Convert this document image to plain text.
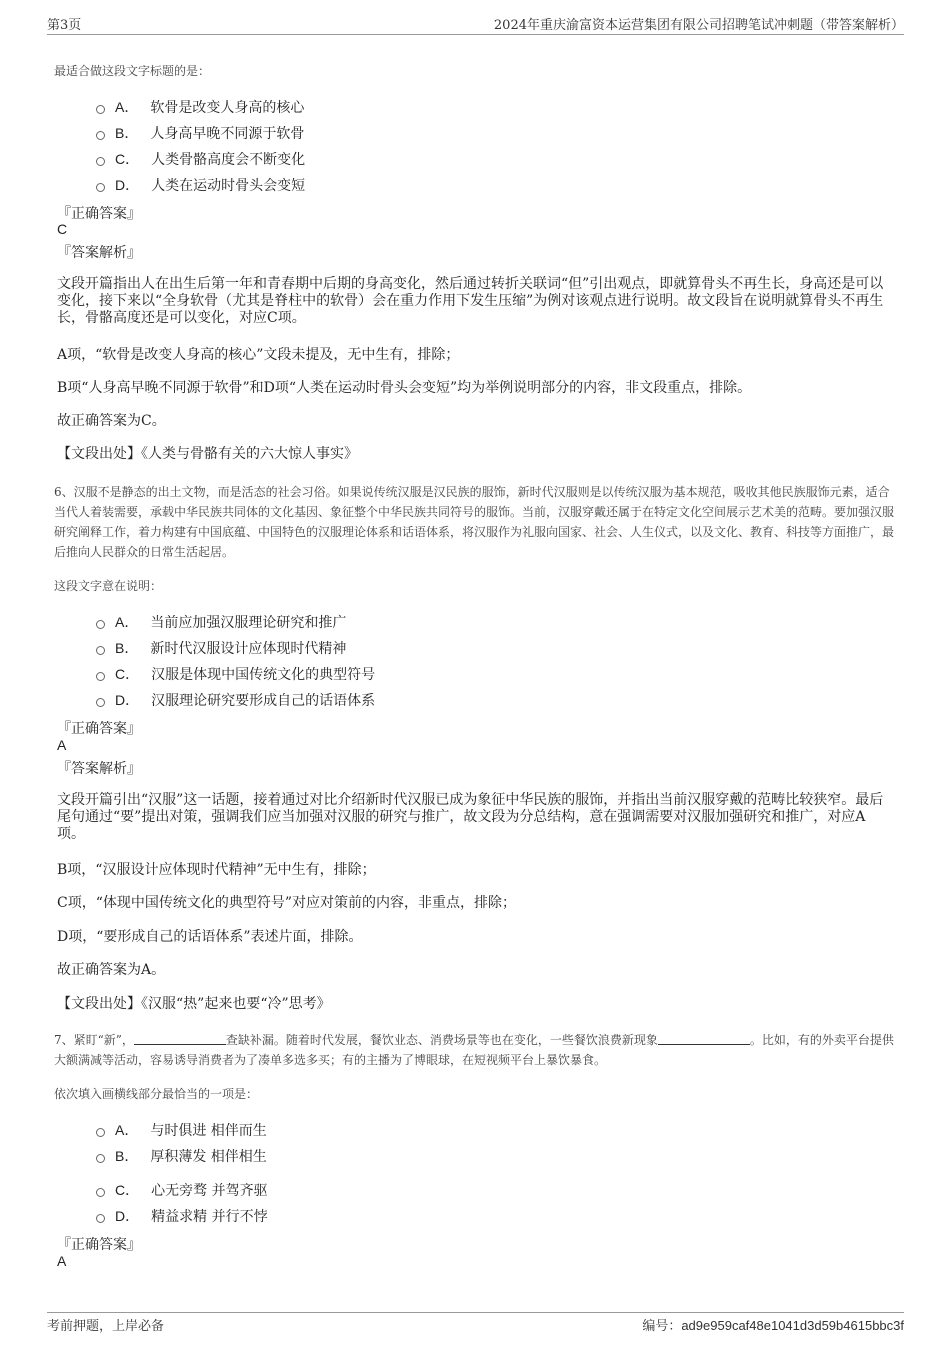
第3页	2024年重庆渝富资本运营集团有限公司招聘笔试冲刺题（带答案解析）
最适合做这段文字标题的是：
A． 软骨是改变人身高的核心
B． 人身高早晚不同源于软骨
C． 人类骨骼高度会不断变化
D． 人类在运动时骨头会变短
『正确答案』
C
『答案解析』
文段开篇指出人在出生后第一年和青春期中后期的身高变化，然后通过转折关联词“但”引出观点，即就算骨头不再生长，身高还是可以变化，接下来以“全身软骨（尤其是脊柱中的软骨）会在重力作用下发生压缩”为例对该观点进行说明。故文段旨在说明就算骨头不再生长，骨骼高度还是可以变化，对应C项。
A项，“软骨是改变人身高的核心”文段未提及，无中生有，排除；
B项“人身高早晚不同源于软骨”和D项“人类在运动时骨头会变短”均为举例说明部分的内容，非文段重点，排除。
故正确答案为C。
【文段出处】《人类与骨骼有关的六大惊人事实》
6、汉服不是静态的出土文物，而是活态的社会习俗。如果说传统汉服是汉民族的服饰，新时代汉服则是以传统汉服为基本规范，吸收其他民族服饰元素，适合当代人着装需要，承载中华民族共同体的文化基因、象征整个中华民族共同符号的服饰。当前，汉服穿戴还属于在特定文化空间展示艺术美的范畴。要加强汉服研究阐释工作，着力构建有中国底蕴、中国特色的汉服理论体系和话语体系，将汉服作为礼服向国家、社会、人生仪式，以及文化、教育、科技等方面推广，最后推向人民群众的日常生活起居。
这段文字意在说明：
A． 当前应加强汉服理论研究和推广
B． 新时代汉服设计应体现时代精神
C． 汉服是体现中国传统文化的典型符号
D． 汉服理论研究要形成自己的话语体系
『正确答案』
A
『答案解析』
文段开篇引出“汉服”这一话题，接着通过对比介绍新时代汉服已成为象征中华民族的服饰，并指出当前汉服穿戴的范畴比较狭窄。最后尾句通过“要”提出对策，强调我们应当加强对汉服的研究与推广，故文段为分总结构，意在强调需要对汉服加强研究和推广，对应A项。
B项，“汉服设计应体现时代精神”无中生有，排除；
C项，“体现中国传统文化的典型符号”对应对策前的内容，非重点，排除；
D项，“要形成自己的话语体系”表述片面，排除。
故正确答案为A。
【文段出处】《汉服“热”起来也要“冷”思考》
7、紧盯“新”，	查缺补漏。随着时代发展，餐饮业态、消费场景等也在变化，一些餐饮浪费新现象	。比如，有的外卖平台提供大额满减等活动，容易诱导消费者为了凑单多选多买；有的主播为了博眼球，在短视频平台上暴饮暴食。
依次填入画横线部分最恰当的一项是：
A． 与时俱进 相伴而生
B． 厚积薄发 相伴相生
C． 心无旁骛 并驾齐驱
D． 精益求精 并行不悖
『正确答案』
A
考前押题，上岸必备	编号：ad9e959caf48e1041d3d59b4615bbc3f
